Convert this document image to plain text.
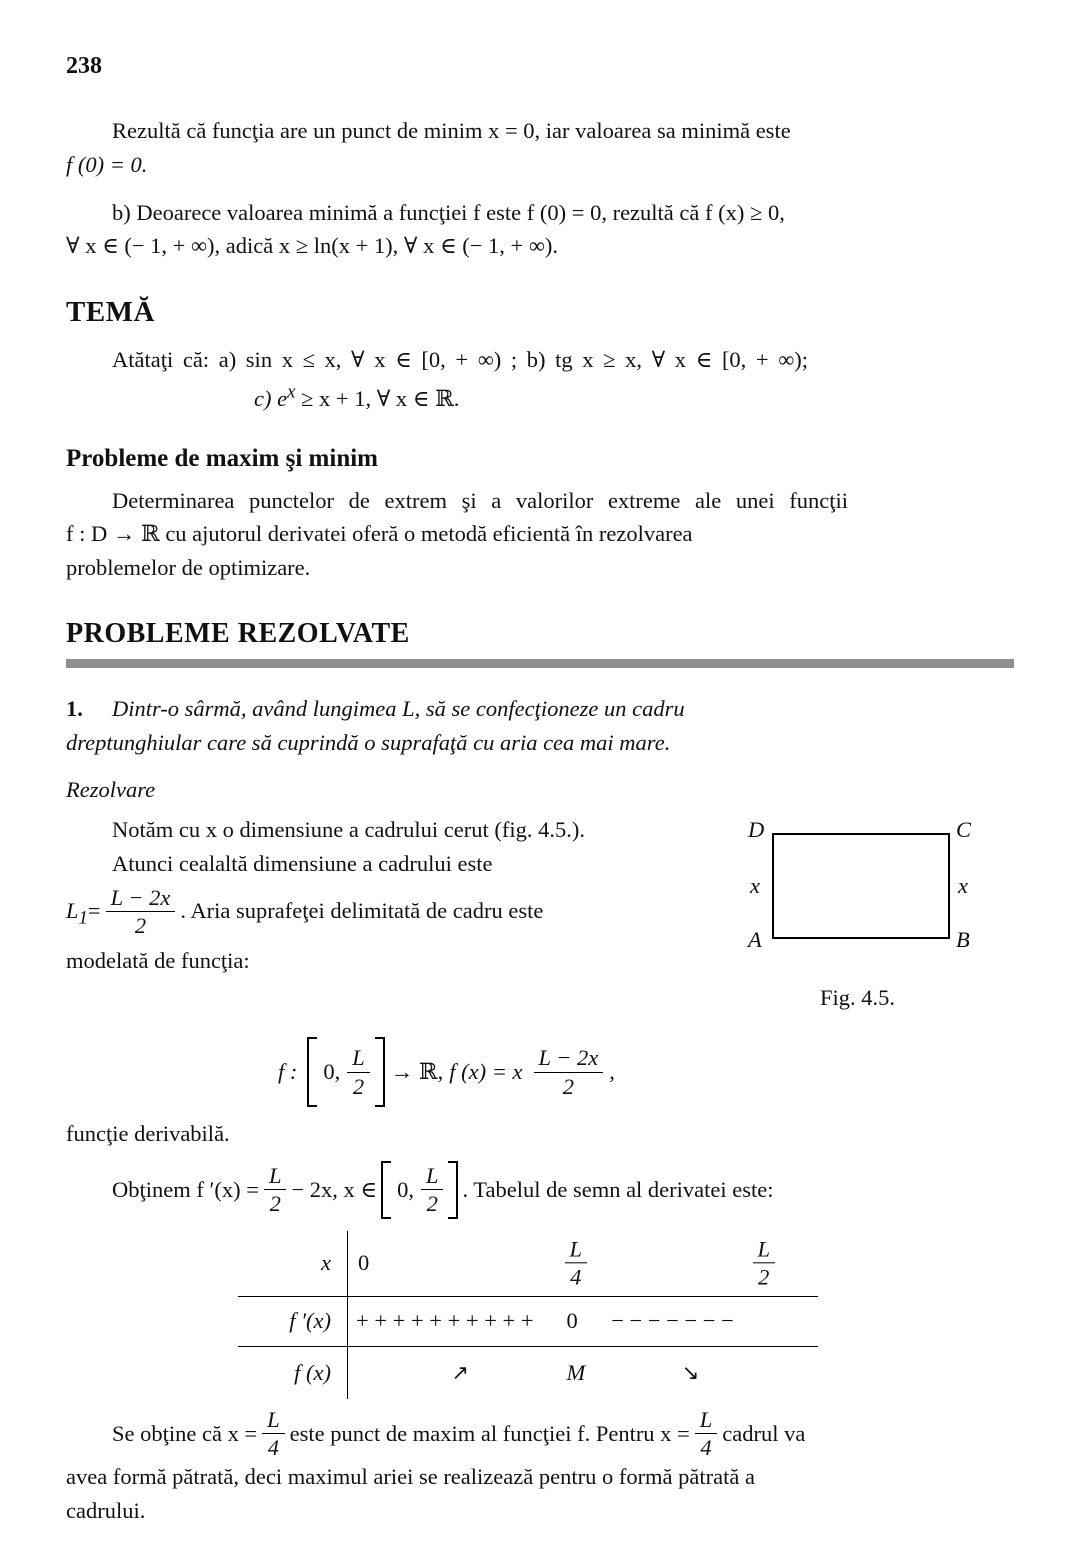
238
Rezultă că funcţia are un punct de minim x = 0, iar valoarea sa minimă este
f (0) = 0.
b) Deoarece valoarea minimă a funcţiei f este f (0) = 0, rezultă că f (x) ≥ 0,
∀ x ∈ (− 1, + ∞), adică x ≥ ln(x + 1), ∀ x ∈ (− 1, + ∞).
TEMĂ
Atătaţi că: a) sin x ≤ x, ∀ x ∈ [0, + ∞) ; b) tg x ≥ x, ∀ x ∈ [0, + ∞);
c) $e^x \ge x + 1$, ∀ x ∈ ℝ.
Probleme de maxim şi minim
Determinarea punctelor de extrem şi a valorilor extreme ale unei funcţii
f : D → ℝ cu ajutorul derivatei oferă o metodă eficientă în rezolvarea
problemelor de optimizare.
PROBLEME REZOLVATE
1.	Dintr-o sârmă, având lungimea L, să se confecţioneze un cadru
dreptunghiular care să cuprindă o suprafaţă cu aria cea mai mare.
Rezolvare
Notăm cu x o dimensiune a cadrului cerut (fig. 4.5.).
Atunci cealaltă dimensiune a cadrului este
$L_1 = \frac{L - 2x}{2}$ . Aria suprafeţei delimitată de cadru este
modelată de funcţia:
D	C
x	x
A	B
Fig. 4.5.
f : 0, $\frac{L}{2}$ → ℝ, f (x) = x $\frac{L - 2x}{2}$ ,
funcţie derivabilă.
Obţinem f $'(x) = \frac{L}{2} - 2x$, x ∈ 0, $\frac{L}{2}$ . Tabelul de semn al derivatei este:
x	0	$\frac{L}{4}$	$\frac{L}{2}$
f ′(x)	+ + + + + + + + + + 0 − − − − − − −
f (x)	↗	M	↘
Se obţine că $x = \frac{L}{4}$ este punct de maxim al funcţiei f. Pentru $x = \frac{L}{4}$ cadrul va
avea formă pătrată, deci maximul ariei se realizează pentru o formă pătrată a
cadrului.
